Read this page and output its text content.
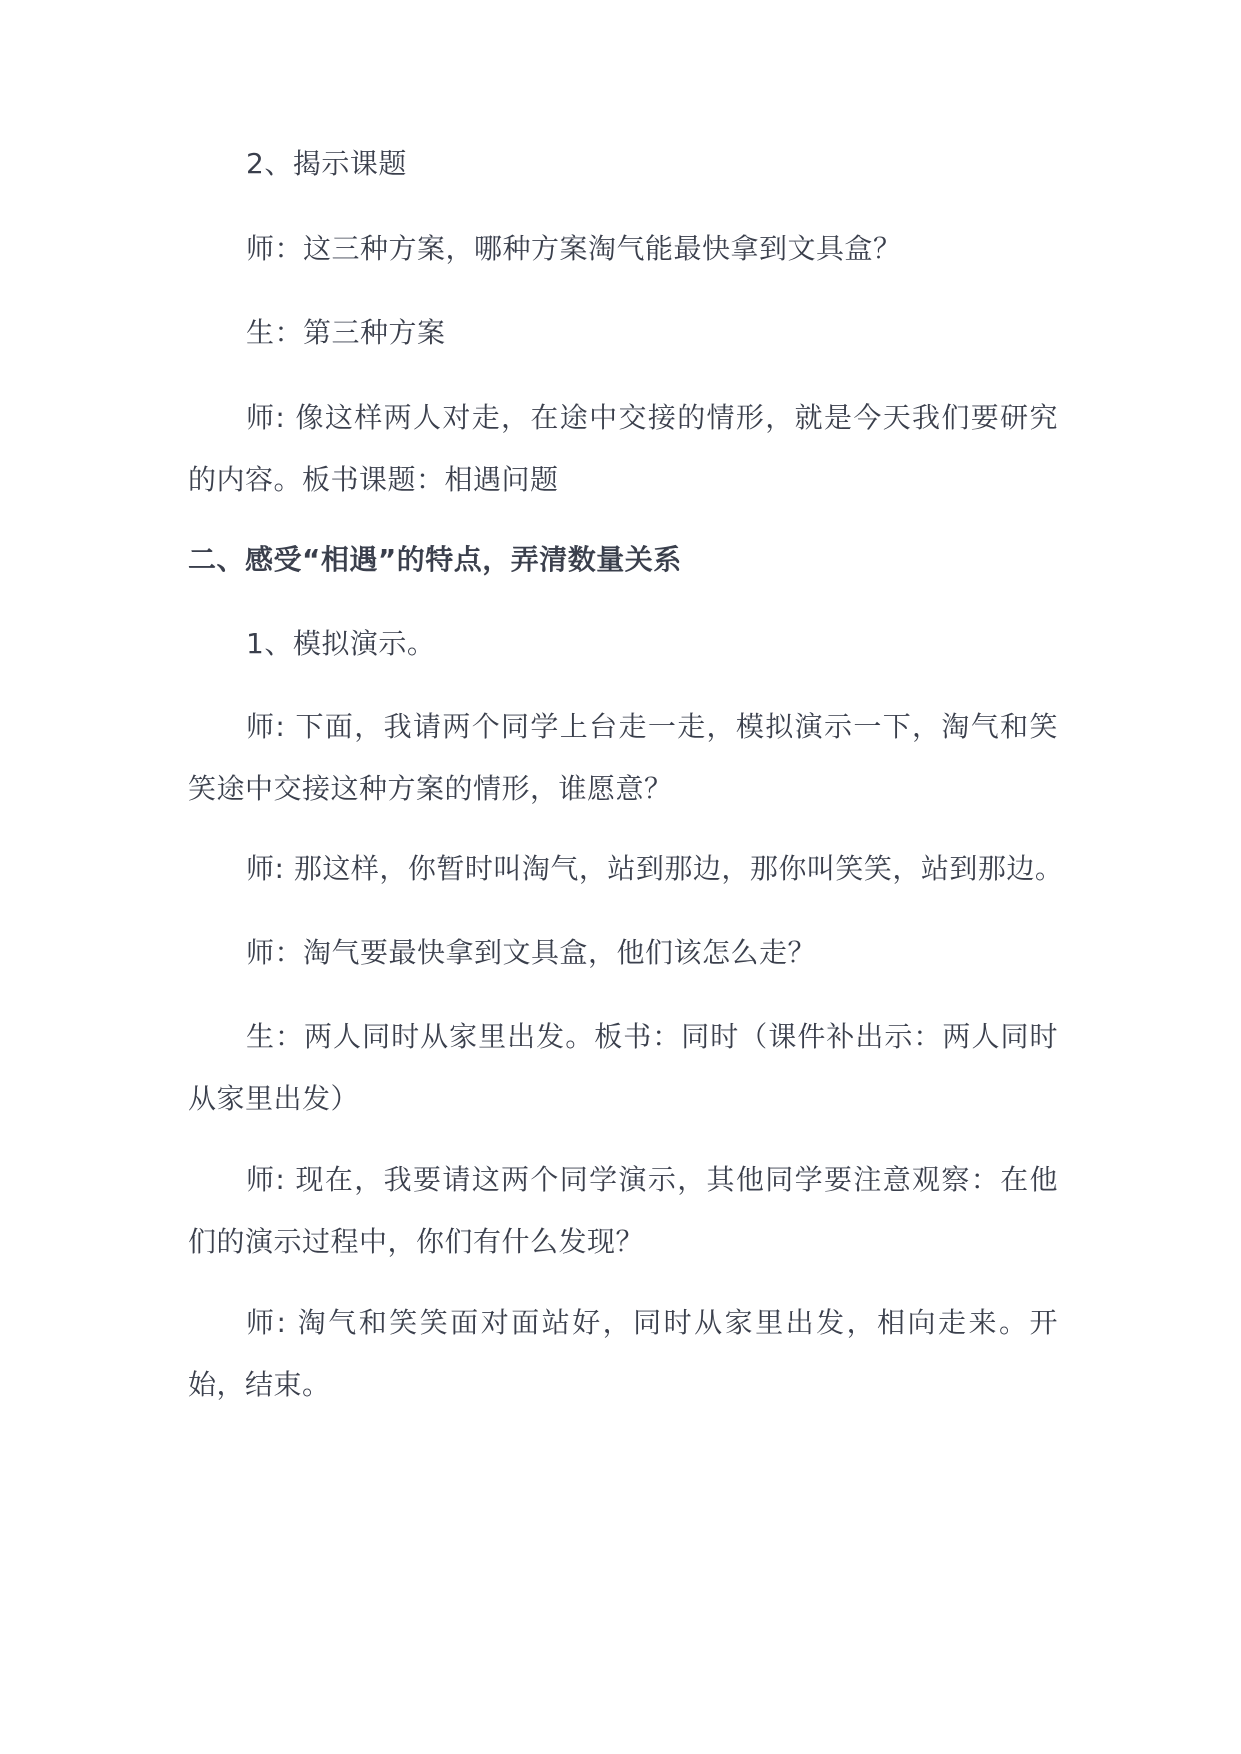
2、揭示课题
师：这三种方案，哪种方案淘气能最快拿到文具盒？
生：第三种方案
师: 像这样两人对走，在途中交接的情形，就是今天我们要研究的内容。板书课题：相遇问题
二、感受“相遇”的特点，弄清数量关系
1、模拟演示。
师: 下面，我请两个同学上台走一走，模拟演示一下，淘气和笑笑途中交接这种方案的情形，谁愿意？
师: 那这样，你暂时叫淘气，站到那边，那你叫笑笑，站到那边。
师：淘气要最快拿到文具盒，他们该怎么走？
生：两人同时从家里出发。板书：同时（课件补出示：两人同时从家里出发）
师: 现在，我要请这两个同学演示，其他同学要注意观察：在他们的演示过程中，你们有什么发现？
师: 淘气和笑笑面对面站好，同时从家里出发，相向走来。开始，结束。
